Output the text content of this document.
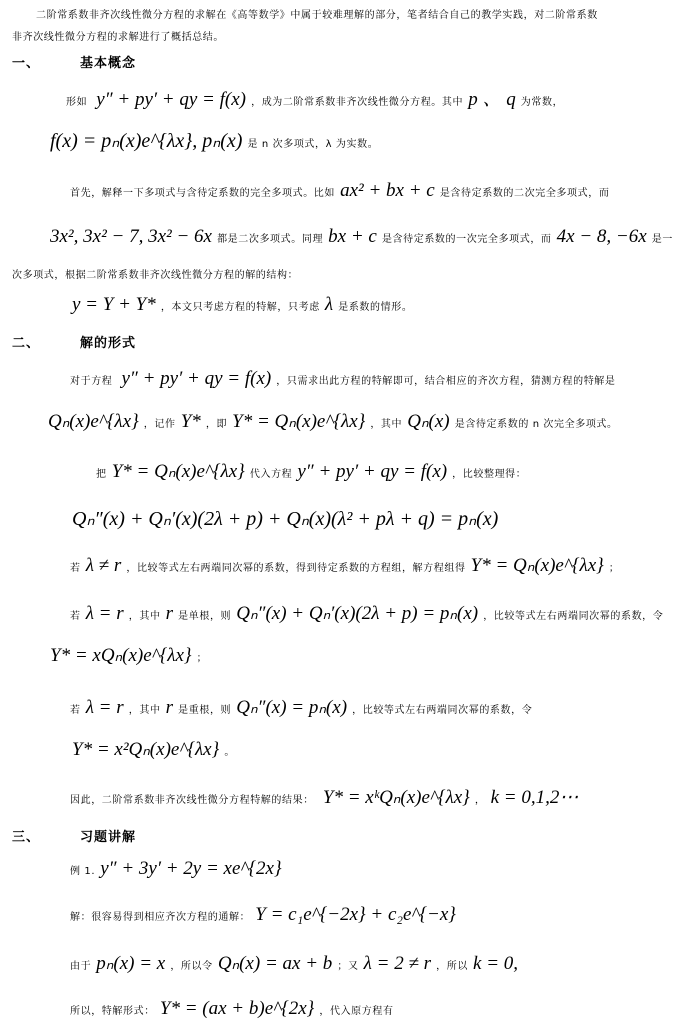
二阶常系数非齐次线性微分方程的求解在《高等数学》中属于较难理解的部分，笔者结合自己的教学实践，对二阶常系数
非齐次线性微分方程的求解进行了概括总结。
一、	基本概念
形如 y″ + py′ + qy = f(x) ，成为二阶常系数非齐次线性微分方程。其中 p 、 q 为常数，
f(x) = pₙ(x)e^{λx}, pₙ(x) 是 n 次多项式，λ 为实数。
首先，解释一下多项式与含待定系数的完全多项式。比如 ax² + bx + c 是含待定系数的二次完全多项式，而
3x², 3x² − 7, 3x² − 6x 都是二次多项式。同理 bx + c 是含待定系数的一次完全多项式，而 4x − 8, −6x 是一
次多项式，根据二阶常系数非齐次线性微分方程的解的结构：
y = Y + Y* ，本文只考虑方程的特解，只考虑 λ 是系数的情形。
二、	解的形式
对于方程 y″ + py′ + qy = f(x) ，只需求出此方程的特解即可，结合相应的齐次方程，猜测方程的特解是
Qₙ(x)e^{λx} ，记作 Y* ，即 Y* = Qₙ(x)e^{λx} ，其中 Qₙ(x) 是含待定系数的 n 次完全多项式。
把 Y* = Qₙ(x)e^{λx} 代入方程 y″ + py′ + qy = f(x) ，比较整理得：
Qₙ″(x) + Qₙ′(x)(2λ + p) + Qₙ(x)(λ² + pλ + q) = pₙ(x)
若 λ ≠ r ，比较等式左右两端同次幂的系数，得到待定系数的方程组，解方程组得 Y* = Qₙ(x)e^{λx} ；
若 λ = r ，其中 r 是单根，则 Qₙ″(x) + Qₙ′(x)(2λ + p) = pₙ(x) ，比较等式左右两端同次幂的系数，令
Y* = xQₙ(x)e^{λx} ；
若 λ = r ，其中 r 是重根，则 Qₙ″(x) = pₙ(x) ，比较等式左右两端同次幂的系数，令
Y* = x²Qₙ(x)e^{λx} 。
因此，二阶常系数非齐次线性微分方程特解的结果： Y* = xᵏQₙ(x)e^{λx} ， k = 0,1,2⋯
三、	习题讲解
例 1. y″ + 3y′ + 2y = xe^{2x}
解：很容易得到相应齐次方程的通解： Y = c₁e^{−2x} + c₂e^{−x}
由于 pₙ(x) = x ，所以令 Qₙ(x) = ax + b ；又 λ = 2 ≠ r ，所以 k = 0,
所以，特解形式： Y* = (ax + b)e^{2x} ，代入原方程有
